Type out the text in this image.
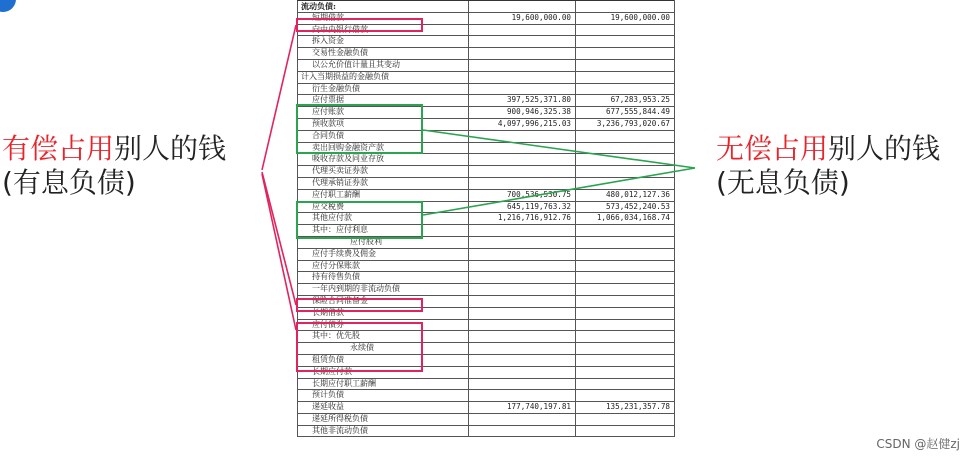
流动负债:		
短期借款	19,600,000.00	19,600,000.00
向中央银行借款		
拆入资金		
交易性金融负债		
以公允价值计量且其变动		
计入当期损益的金融负债		
衍生金融负债		
应付票据	397,525,371.80	67,283,953.25
应付账款	900,946,325.38	677,555,844.49
预收款项	4,097,996,215.03	3,236,793,020.67
合同负债		
卖出回购金融资产款		
吸收存款及同业存放		
代理买卖证券款		
代理承销证券款		
应付职工薪酬	700,536,530.75	480,012,127.36
应交税费	645,119,763.32	573,452,240.53
其他应付款	1,216,716,912.76	1,066,034,168.74
其中：应付利息		
应付股利		
应付手续费及佣金		
应付分保账款		
持有待售负债		
一年内到期的非流动负债		
保险合同准备金		
长期借款		
应付债券		
其中：优先股		
永续债		
租赁负债		
长期应付款		
长期应付职工薪酬		
预计负债		
递延收益	177,740,197.81	135,231,357.78
递延所得税负债		
其他非流动负债		
有偿占用别人的钱
(有息负债)
无偿占用别人的钱
(无息负债)
CSDN @赵健zj
